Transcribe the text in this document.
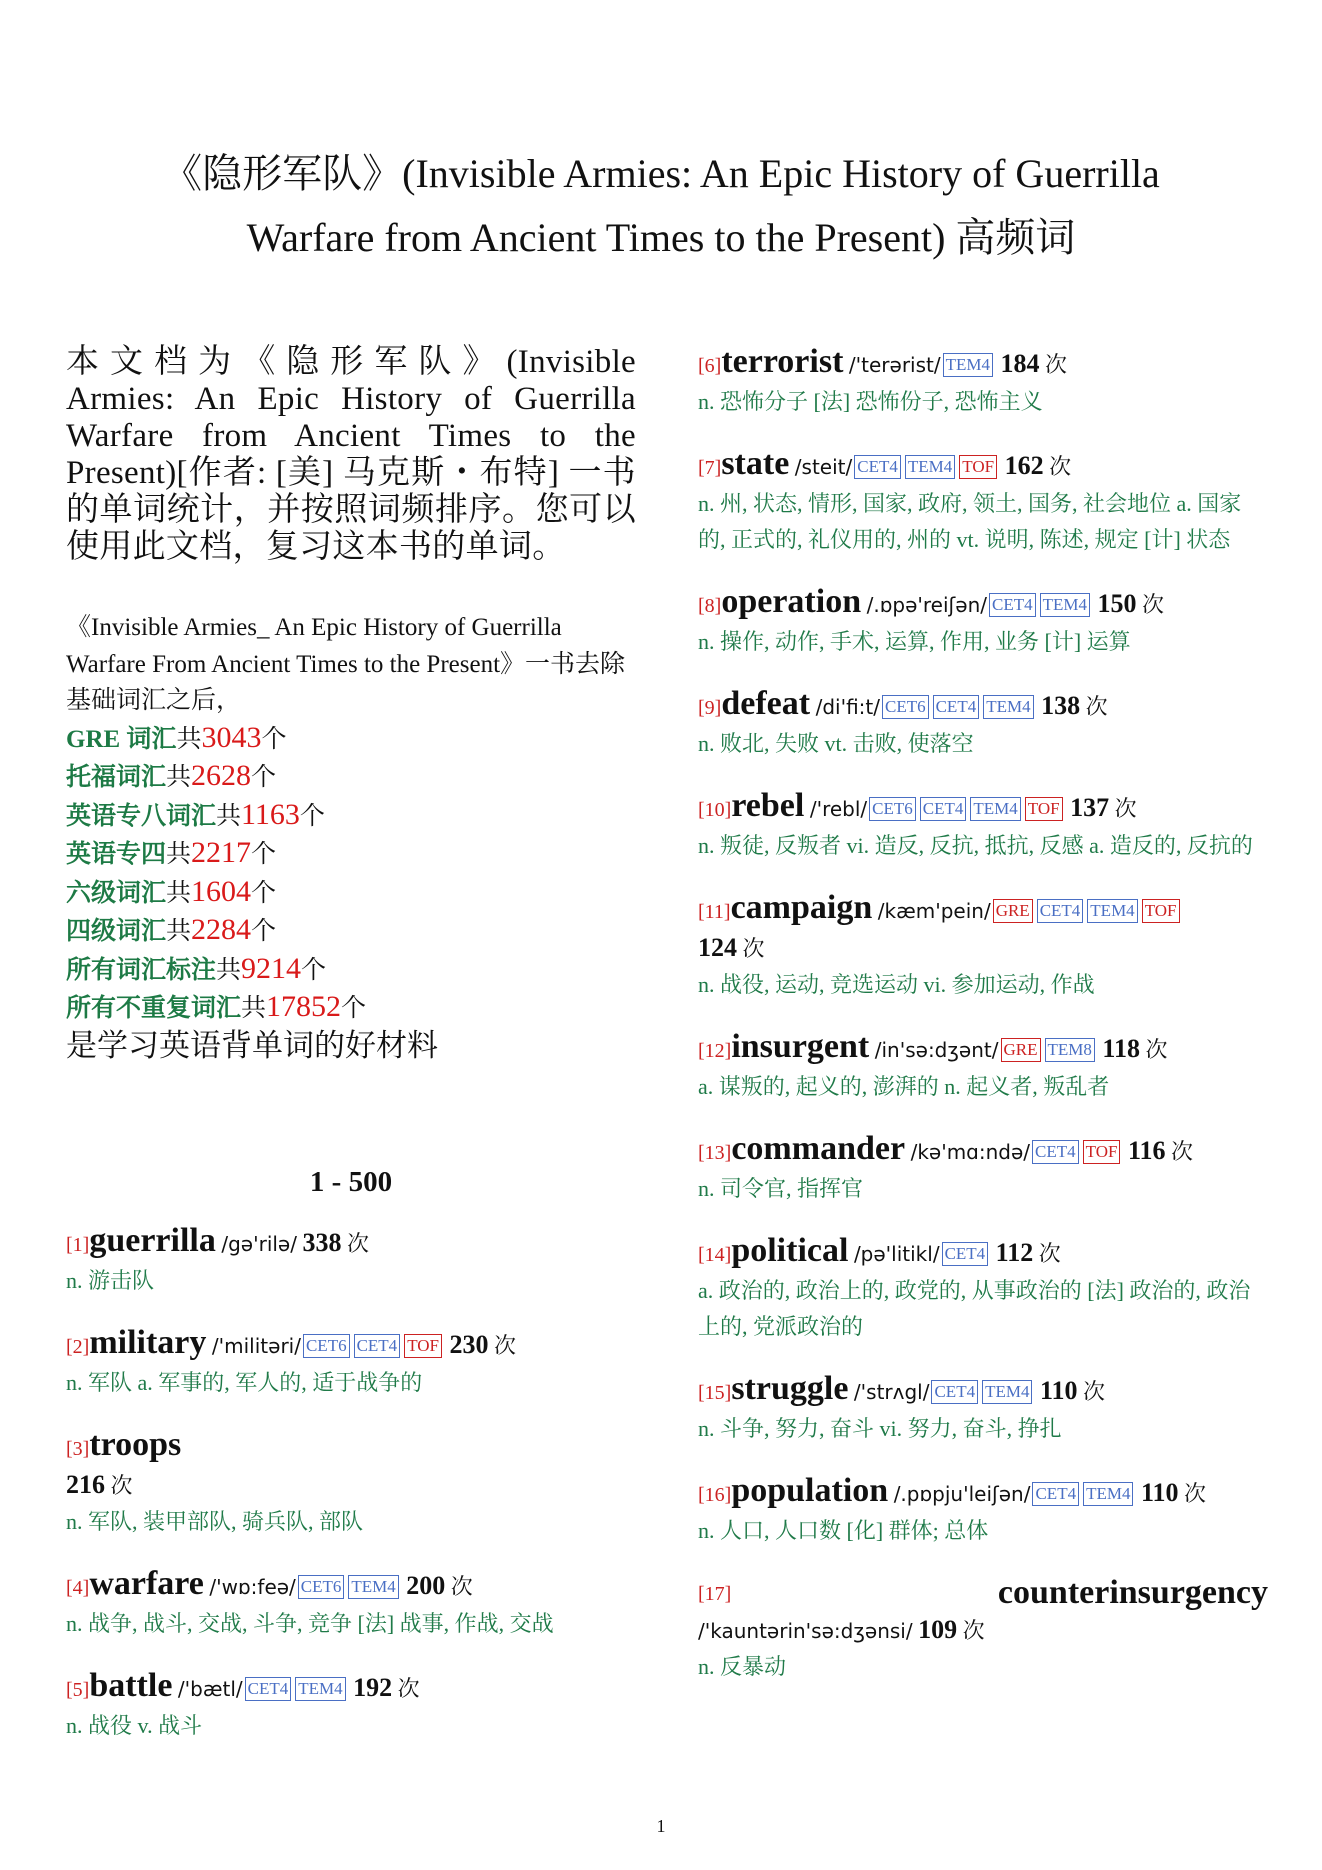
《隐形军队》(Invisible Armies: An Epic History of Guerrilla
Warfare from Ancient Times to the Present) 高频词
本文档为《隐形军队》(Invisible Armies: An Epic History of Guerrilla Warfare from Ancient Times to the Present)[作者: [美] 马克斯・布特] 一书的单词统计，并按照词频排序。您可以使用此文档，复习这本书的单词。
《Invisible Armies_ An Epic History of Guerrilla Warfare From Ancient Times to the Present》一书去除基础词汇之后，
GRE 词汇共3043个
托福词汇共2628个
英语专八词汇共1163个
英语专四共2217个
六级词汇共1604个
四级词汇共2284个
所有词汇标注共9214个
所有不重复词汇共17852个
是学习英语背单词的好材料
1 - 500
[1]guerrilla /gə'rilə/ 338 次
n. 游击队
[2]military /'militəri/ CET6 CET4 TOF 230 次
n. 军队 a. 军事的, 军人的, 适于战争的
[3]troops
216 次
n. 军队, 装甲部队, 骑兵队, 部队
[4]warfare /'wɒ:feə/ CET6 TEM4 200 次
n. 战争, 战斗, 交战, 斗争, 竞争 [法] 战事, 作战, 交战
[5]battle /'bætl/ CET4 TEM4 192 次
n. 战役 v. 战斗
[6]terrorist /'terərist/ TEM4 184 次
n. 恐怖分子 [法] 恐怖份子, 恐怖主义
[7]state /steit/ CET4 TEM4 TOF 162 次
n. 州, 状态, 情形, 国家, 政府, 领土, 国务, 社会地位 a. 国家的, 正式的, 礼仪用的, 州的 vt. 说明, 陈述, 规定 [计] 状态
[8]operation /.ɒpə'reiʃən/ CET4 TEM4 150 次
n. 操作, 动作, 手术, 运算, 作用, 业务 [计] 运算
[9]defeat /di'fi:t/ CET6 CET4 TEM4 138 次
n. 败北, 失败 vt. 击败, 使落空
[10]rebel /'rebl/ CET6 CET4 TEM4 TOF 137 次
n. 叛徒, 反叛者 vi. 造反, 反抗, 抵抗, 反感 a. 造反的, 反抗的
[11]campaign /kæm'pein/ GRE CET4 TEM4 TOF
124 次
n. 战役, 运动, 竞选运动 vi. 参加运动, 作战
[12]insurgent /in'sə:dʒənt/ GRE TEM8 118 次
a. 谋叛的, 起义的, 澎湃的 n. 起义者, 叛乱者
[13]commander /kə'mɑ:ndə/ CET4 TOF 116 次
n. 司令官, 指挥官
[14]political /pə'litikl/ CET4 112 次
a. 政治的, 政治上的, 政党的, 从事政治的 [法] 政治的, 政治上的, 党派政治的
[15]struggle /'strʌgl/ CET4 TEM4 110 次
n. 斗争, 努力, 奋斗 vi. 努力, 奋斗, 挣扎
[16]population /.pɒpju'leiʃən/ CET4 TEM4 110 次
n. 人口, 人口数 [化] 群体; 总体
[17]	counterinsurgency

/'kauntərin'sə:dʒənsi/ 109 次
n. 反暴动
1
